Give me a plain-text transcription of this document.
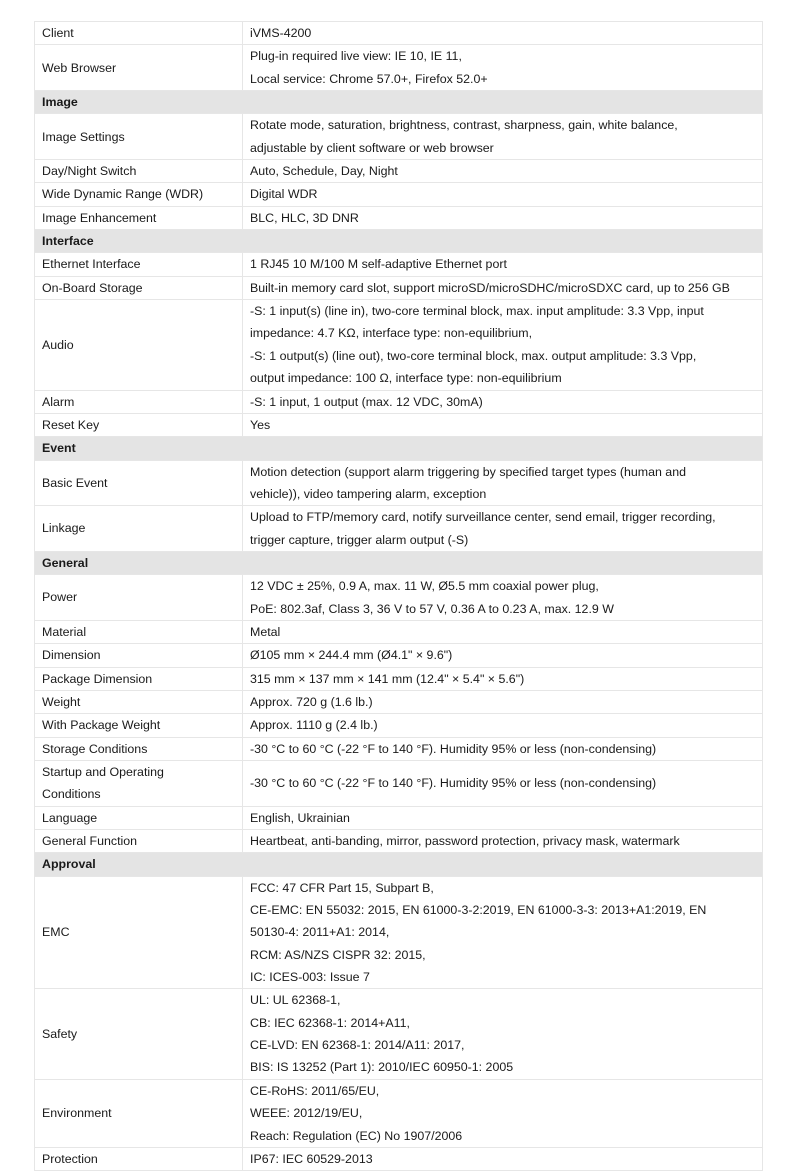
Client	iVMS-4200

Web Browser	Plug-in required live view: IE 10, IE 11,
Local service: Chrome 57.0+, Firefox 52.0+

Image	

Image Settings	Rotate mode, saturation, brightness, contrast, sharpness, gain, white balance,
adjustable by client software or web browser

Day/Night Switch	Auto, Schedule, Day, Night

Wide Dynamic Range (WDR)	Digital WDR

Image Enhancement	BLC, HLC, 3D DNR

Interface	

Ethernet Interface	1 RJ45 10 M/100 M self-adaptive Ethernet port

On-Board Storage	Built-in memory card slot, support microSD/microSDHC/microSDXC card, up to 256 GB

Audio	-S: 1 input(s) (line in), two-core terminal block, max. input amplitude: 3.3 Vpp, input
impedance: 4.7 KΩ, interface type: non-equilibrium,
-S: 1 output(s) (line out), two-core terminal block, max. output amplitude: 3.3 Vpp,
output impedance: 100 Ω, interface type: non-equilibrium

Alarm	-S: 1 input, 1 output (max. 12 VDC, 30mA)

Reset Key	Yes

Event	

Basic Event	Motion detection (support alarm triggering by specified target types (human and
vehicle)), video tampering alarm, exception

Linkage	Upload to FTP/memory card, notify surveillance center, send email, trigger recording,
trigger capture, trigger alarm output (-S)

General	

Power	12 VDC ± 25%, 0.9 A, max. 11 W, Ø5.5 mm coaxial power plug,
PoE: 802.3af, Class 3, 36 V to 57 V, 0.36 A to 0.23 A, max. 12.9 W

Material	Metal

Dimension	Ø105 mm × 244.4 mm (Ø4.1" × 9.6")

Package Dimension	315 mm × 137 mm × 141 mm (12.4" × 5.4" × 5.6")

Weight	Approx. 720 g (1.6 lb.)

With Package Weight	Approx. 1110 g (2.4 lb.)

Storage Conditions	-30 °C to 60 °C (-22 °F to 140 °F). Humidity 95% or less (non-condensing)

Startup and Operating
Conditions	-30 °C to 60 °C (-22 °F to 140 °F). Humidity 95% or less (non-condensing)

Language	English, Ukrainian

General Function	Heartbeat, anti-banding, mirror, password protection, privacy mask, watermark

Approval	

EMC	FCC: 47 CFR Part 15, Subpart B,
CE-EMC: EN 55032: 2015, EN 61000-3-2:2019, EN 61000-3-3: 2013+A1:2019, EN
50130-4: 2011+A1: 2014,
RCM: AS/NZS CISPR 32: 2015,
IC: ICES-003: Issue 7

Safety	UL: UL 62368-1,
CB: IEC 62368-1: 2014+A11,
CE-LVD: EN 62368-1: 2014/A11: 2017,
BIS: IS 13252 (Part 1): 2010/IEC 60950-1: 2005

Environment	CE-RoHS: 2011/65/EU,
WEEE: 2012/19/EU,
Reach: Regulation (EC) No 1907/2006

Protection	IP67: IEC 60529-2013
